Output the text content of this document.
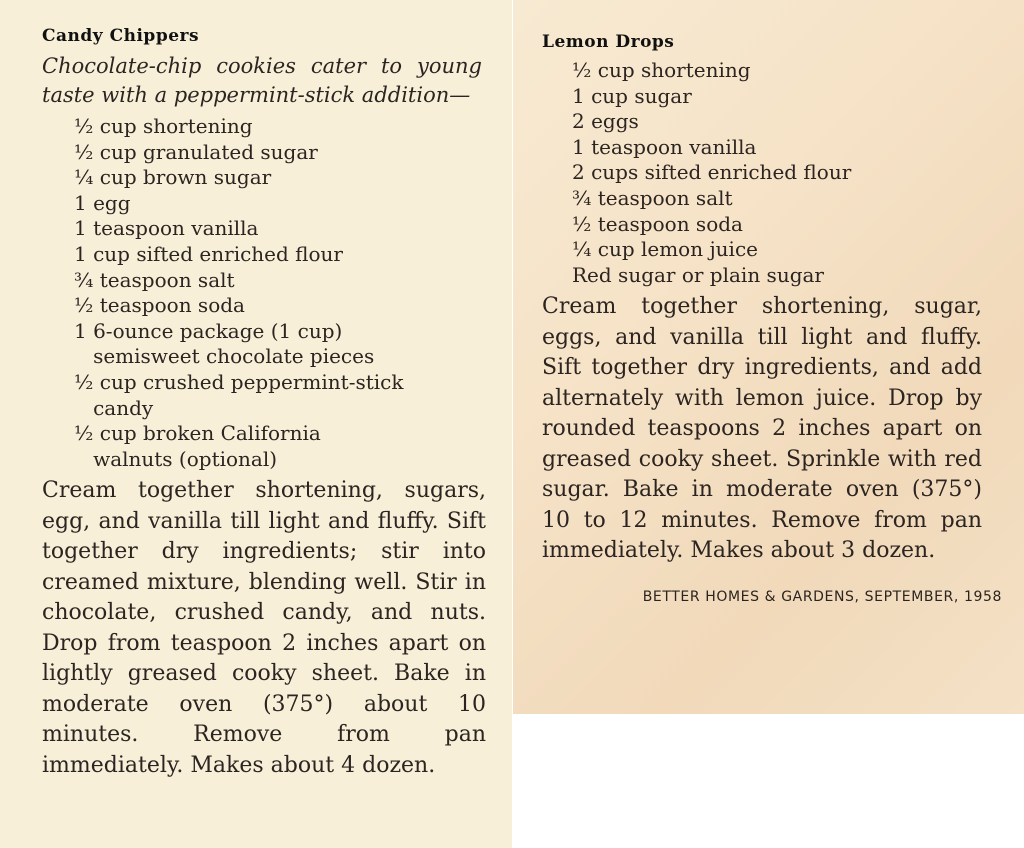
Candy Chippers

Chocolate-chip cookies cater to young taste with a peppermint-stick addition—

½ cup shortening
½ cup granulated sugar
¼ cup brown sugar
1 egg
1 teaspoon vanilla
1 cup sifted enriched flour
¾ teaspoon salt
½ teaspoon soda
1 6-ounce package (1 cup)
semisweet chocolate pieces
½ cup crushed peppermint-stick
candy
½ cup broken California
walnuts (optional)

Cream together shortening, sugars, egg, and vanilla till light and fluffy. Sift together dry ingredients; stir into creamed mixture, blending well. Stir in chocolate, crushed candy, and nuts. Drop from teaspoon 2 inches apart on lightly greased cooky sheet. Bake in moderate oven (375°) about 10 minutes. Remove from pan immediately. Makes about 4 dozen.

Lemon Drops
½ cup shortening
1 cup sugar
2 eggs
1 teaspoon vanilla
2 cups sifted enriched flour
¾ teaspoon salt
½ teaspoon soda
¼ cup lemon juice
Red sugar or plain sugar

Cream together shortening, sugar, eggs, and vanilla till light and fluffy. Sift together dry ingredients, and add alternately with lemon juice. Drop by rounded teaspoons 2 inches apart on greased cooky sheet. Sprinkle with red sugar. Bake in moderate oven (375°) 10 to 12 minutes. Remove from pan immediately. Makes about 3 dozen.

BETTER HOMES & GARDENS, SEPTEMBER, 1958
